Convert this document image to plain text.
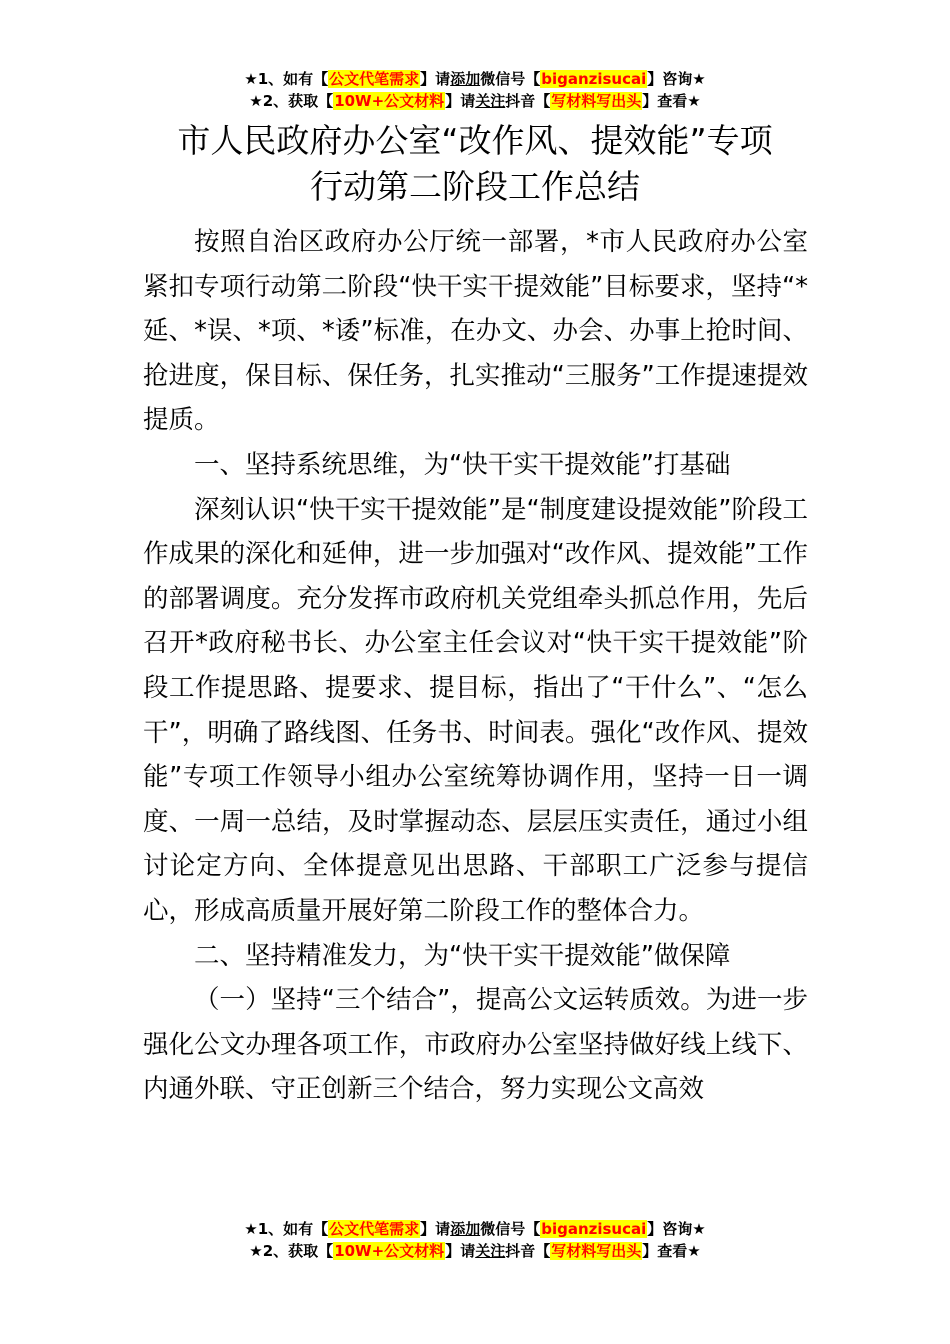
★1、如有【公文代笔需求】请添加微信号【biganzisucai】咨询★
★2、获取【10W+公文材料】请关注抖音【写材料写出头】查看★
市人民政府办公室“改作风、提效能”专项
行动第二阶段工作总结

按照自治区政府办公厅统一部署，*市人民政府办公室紧扣专项行动第二阶段“快干实干提效能”目标要求，坚持“*延、*误、*项、*诿”标准，在办文、办会、办事上抢时间、抢进度，保目标、保任务，扎实推动“三服务”工作提速提效提质。

一、坚持系统思维，为“快干实干提效能”打基础

深刻认识“快干实干提效能”是“制度建设提效能”阶段工作成果的深化和延伸，进一步加强对“改作风、提效能”工作的部署调度。充分发挥市政府机关党组牵头抓总作用，先后召开*政府秘书长、办公室主任会议对“快干实干提效能”阶段工作提思路、提要求、提目标，指出了“干什么”、“怎么干”，明确了路线图、任务书、时间表。强化“改作风、提效能”专项工作领导小组办公室统筹协调作用，坚持一日一调度、一周一总结，及时掌握动态、层层压实责任，通过小组讨论定方向、全体提意见出思路、干部职工广泛参与提信心，形成高质量开展好第二阶段工作的整体合力。

二、坚持精准发力，为“快干实干提效能”做保障

（一）坚持“三个结合”，提高公文运转质效。为进一步强化公文办理各项工作，市政府办公室坚持做好线上线下、内通外联、守正创新三个结合，努力实现公文高效

★1、如有【公文代笔需求】请添加微信号【biganzisucai】咨询★
★2、获取【10W+公文材料】请关注抖音【写材料写出头】查看★
